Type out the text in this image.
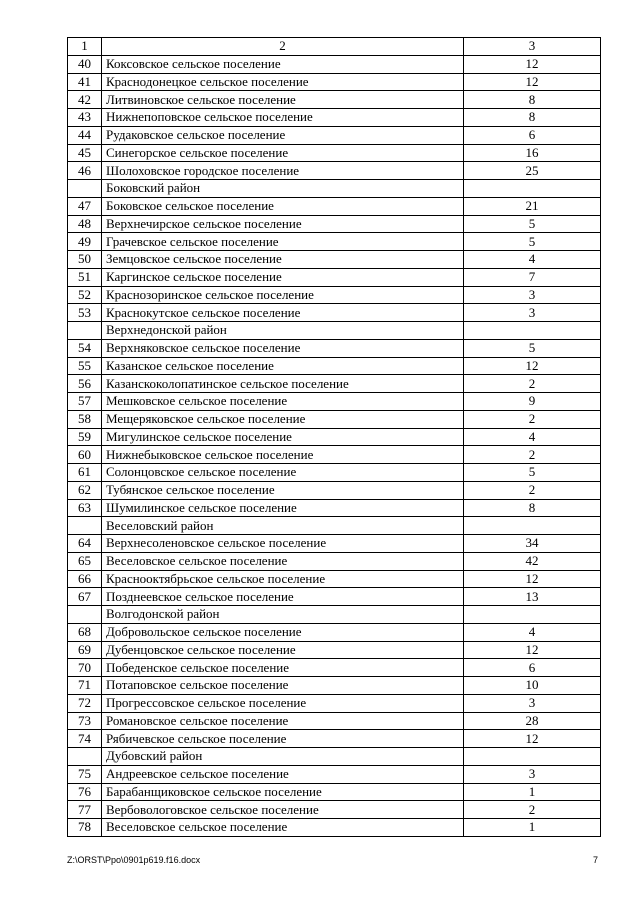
1	2	3
40	Коксовское сельское поселение	12
41	Краснодонецкое сельское поселение	12
42	Литвиновское сельское поселение	8
43	Нижнепоповское сельское поселение	8
44	Рудаковское сельское поселение	6
45	Синегорское сельское поселение	16
46	Шолоховское городское поселение	25
	Боковский район	
47	Боковское сельское поселение	21
48	Верхнечирское сельское поселение	5
49	Грачевское сельское поселение	5
50	Земцовское сельское поселение	4
51	Каргинское сельское поселение	7
52	Краснозоринское сельское поселение	3
53	Краснокутское сельское поселение	3
	Верхнедонской район	
54	Верхняковское сельское поселение	5
55	Казанское сельское поселение	12
56	Казанскоколопатинское сельское поселение	2
57	Мешковское сельское поселение	9
58	Мещеряковское сельское поселение	2
59	Мигулинское сельское поселение	4
60	Нижнебыковское сельское поселение	2
61	Солонцовское сельское поселение	5
62	Тубянское сельское поселение	2
63	Шумилинское сельское поселение	8
	Веселовский район	
64	Верхнесоленовское сельское поселение	34
65	Веселовское сельское поселение	42
66	Краснооктябрьское сельское поселение	12
67	Позднеевское сельское поселение	13
	Волгодонской район	
68	Добровольское сельское поселение	4
69	Дубенцовское сельское поселение	12
70	Победенское сельское поселение	6
71	Потаповское сельское поселение	10
72	Прогрессовское сельское поселение	3
73	Романовское сельское поселение	28
74	Рябичевское сельское поселение	12
	Дубовский район	
75	Андреевское сельское поселение	3
76	Барабанщиковское сельское поселение	1
77	Вербовологовское сельское поселение	2
78	Веселовское сельское поселение	1
Z:\ORST\Ppo\0901p619.f16.docx	7
